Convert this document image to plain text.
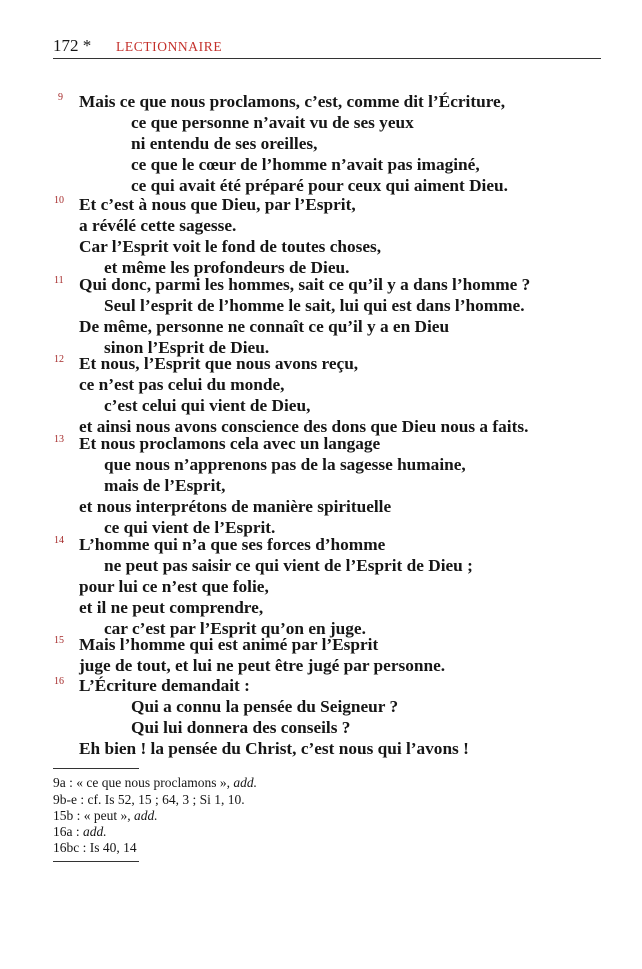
172 * LECTIONNAIRE
9 Mais ce que nous proclamons, c’est, comme dit l’Écriture,
ce que personne n’avait vu de ses yeux
ni entendu de ses oreilles,
ce que le cœur de l’homme n’avait pas imaginé,
ce qui avait été préparé pour ceux qui aiment Dieu.
10 Et c’est à nous que Dieu, par l’Esprit,
a révélé cette sagesse.
Car l’Esprit voit le fond de toutes choses,
et même les profondeurs de Dieu.
11 Qui donc, parmi les hommes, sait ce qu’il y a dans l’homme ?
Seul l’esprit de l’homme le sait, lui qui est dans l’homme.
De même, personne ne connaît ce qu’il y a en Dieu
sinon l’Esprit de Dieu.
12 Et nous, l’Esprit que nous avons reçu,
ce n’est pas celui du monde,
c’est celui qui vient de Dieu,
et ainsi nous avons conscience des dons que Dieu nous a faits.
13 Et nous proclamons cela avec un langage
que nous n’apprenons pas de la sagesse humaine,
mais de l’Esprit,
et nous interprétons de manière spirituelle
ce qui vient de l’Esprit.
14 L’homme qui n’a que ses forces d’homme
ne peut pas saisir ce qui vient de l’Esprit de Dieu ;
pour lui ce n’est que folie,
et il ne peut comprendre,
car c’est par l’Esprit qu’on en juge.
15 Mais l’homme qui est animé par l’Esprit
juge de tout, et lui ne peut être jugé par personne.
16 L’Écriture demandait :
Qui a connu la pensée du Seigneur ?
Qui lui donnera des conseils ?
Eh bien ! la pensée du Christ, c’est nous qui l’avons !
9a : « ce que nous proclamons », add.
9b-e : cf. Is 52, 15 ; 64, 3 ; Si 1, 10.
15b : « peut », add.
16a : add.
16bc : Is 40, 14
